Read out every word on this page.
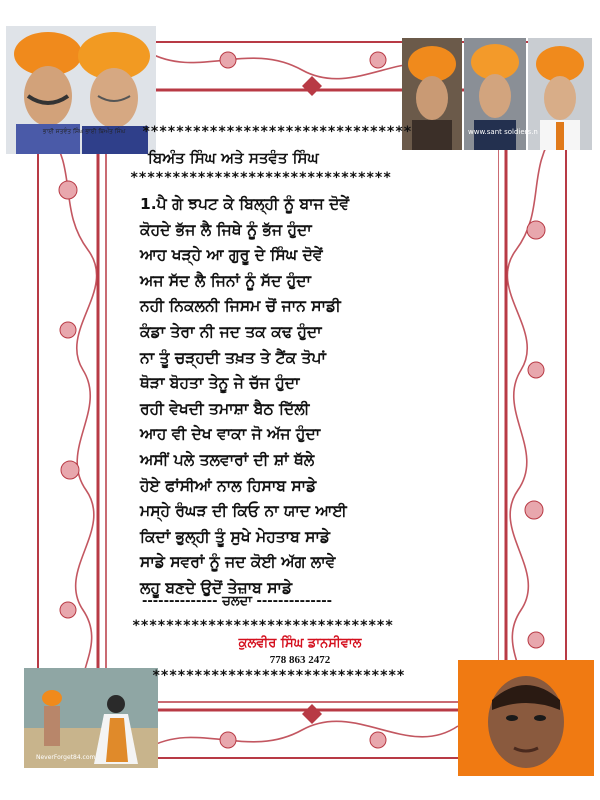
ਭਾਈ ਸਤਵੰਤ ਸਿੰਘ ਭਾਈ ਬਿਅੰਤ ਸਿੰਘ	www.sant soldiers.n
NeverForget84.com
********************************
ਬਿਅੰਤ ਸਿੰਘ ਅਤੇ ਸਤਵੰਤ ਸਿੰਘ
*******************************
1.ਪੈ ਗੇ ਝਪਟ ਕੇ ਬਿਲ੍ਹੀ ਨੂੰ ਬਾਜ ਦੋਵੇਂ
ਕੋਹਦੇ ਭੱਜ ਲੈ ਜਿਥੇ ਨੂੰ ਭੱਜ ਹੁੰਦਾ
ਆਹ ਖੜ੍ਹੇ ਆ ਗੁਰੂ ਦੇ ਸਿੰਘ ਦੋਵੇਂ
ਅਜ ਸੱਦ ਲੈ ਜਿਨਾਂ ਨੂੰ ਸੱਦ ਹੁੰਦਾ
ਨਹੀ ਨਿਕਲਨੀ ਜਿਸਮ ਚੋਂ ਜਾਨ ਸਾਡੀ
ਕੰਡਾ ਤੇਰਾ ਨੀ ਜਦ ਤਕ ਕਢ ਹੁੰਦਾ
ਨਾ ਤੂੰ ਚੜ੍ਹਦੀ ਤਖ਼ਤ ਤੇ ਟੈਂਕ ਤੋਪਾਂ
ਥੋੜਾ ਬੋਹਤਾ ਤੇਨੂ ਜੇ ਚੱਜ ਹੁੰਦਾ
ਰਹੀ ਵੇਖਦੀ ਤਮਾਸ਼ਾ ਬੈਠ ਦਿੱਲੀ
ਆਹ ਵੀ ਦੇਖ ਵਾਕਾ ਜੋ ਅੱਜ ਹੁੰਦਾ
ਅਸੀਂ ਪਲੇ ਤਲਵਾਰਾਂ ਦੀ ਸ਼ਾਂ ਥੱਲੇ
ਹੋਏ ਫਾਂਸੀਆਂ ਨਾਲ ਹਿਸਾਬ ਸਾਡੇ
ਮਸ੍ਹੇ ਰੰਘੜ ਦੀ ਕਿਓ ਨਾ ਯਾਦ ਆਈ
ਕਿਦਾਂ ਭੁਲ੍ਹੀ ਤੂੰ ਸੁਖੇ ਮੇਹਤਾਬ ਸਾਡੇ
ਸਾਡੇ ਸਵਰਾਂ ਨੂੰ ਜਦ ਕੋਈ ਅੱਗ ਲਾਵੇ
ਲਹੂ ਬਣਦੇ ਉਦੋਂ ਤੇਜ਼ਾਬ ਸਾਡੇ
-------------- ਚਲਦਾ --------------
*******************************
ਕੁਲਵੀਰ ਸਿੰਘ ਡਾਨਸੀਵਾਲ
778 863 2472
******************************
